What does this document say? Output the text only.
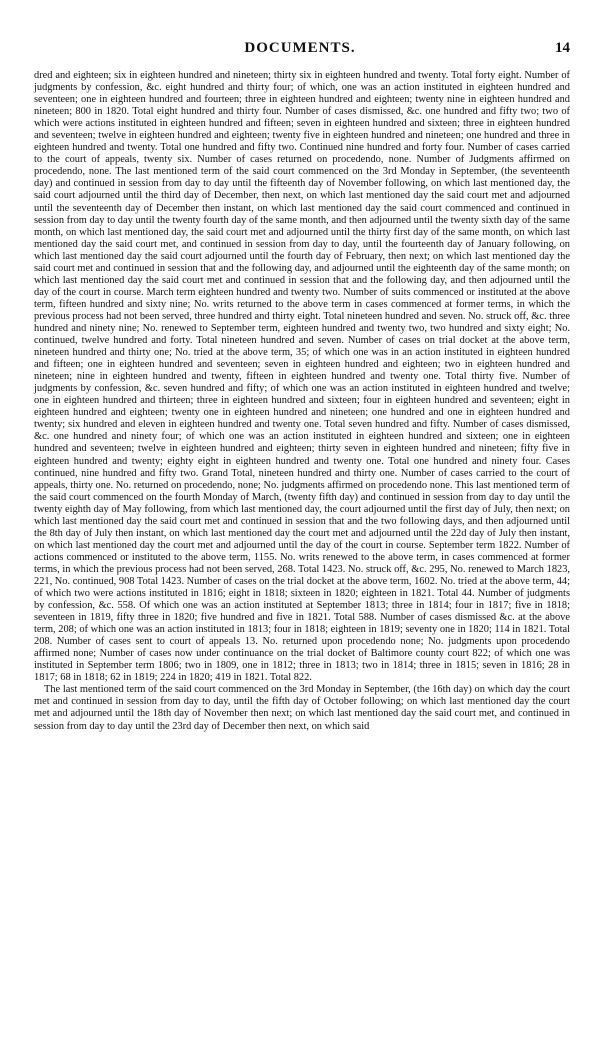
DOCUMENTS.	14

dred and eighteen; six in eighteen hundred and nineteen; thirty six in eighteen hundred and twenty. Total forty eight. Number of judgments by confession, &c. eight hundred and thirty four; of which, one was an action instituted in eighteen hundred and seventeen; one in eighteen hundred and fourteen; three in eighteen hundred and eighteen; twenty nine in eighteen hundred and nineteen; 800 in 1820. Total eight hundred and thirty four. Number of cases dismissed, &c. one hundred and fifty two; two of which were actions instituted in eighteen hundred and fifteen; seven in eighteen hundred and sixteen; three in eighteen hundred and seventeen; twelve in eighteen hundred and eighteen; twenty five in eighteen hundred and nineteen; one hundred and three in eighteen hundred and twenty. Total one hundred and fifty two. Continued nine hundred and forty four. Number of cases carried to the court of appeals, twenty six. Number of cases returned on procedendo, none. Number of Judgments affirmed on procedendo, none. The last mentioned term of the said court commenced on the 3rd Monday in September, (the seventeenth day) and continued in session from day to day until the fifteenth day of November following, on which last mentioned day, the said court adjourned until the third day of December, then next, on which last mentioned day the said court met and adjourned until the seventeenth day of December then instant, on which last mentioned day the said court commenced and continued in session from day to day until the twenty fourth day of the same month, and then adjourned until the twenty sixth day of the same month, on which last mentioned day, the said court met and adjourned until the thirty first day of the same month, on which last mentioned day the said court met, and continued in session from day to day, until the fourteenth day of January following, on which last mentioned day the said court adjourned until the fourth day of February, then next; on which last mentioned day the said court met and continued in session that and the following day, and adjourned until the eighteenth day of the same month; on which last mentioned day the said court met and continued in session that and the following day, and then adjourned until the day of the court in course. March term eighteen hundred and twenty two. Number of suits commenced or instituted at the above term, fifteen hundred and sixty nine; No. writs returned to the above term in cases commenced at former terms, in which the previous process had not been served, three hundred and thirty eight. Total nineteen hundred and seven. No. struck off, &c. three hundred and ninety nine; No. renewed to September term, eighteen hundred and twenty two, two hundred and sixty eight; No. continued, twelve hundred and forty. Total nineteen hundred and seven. Number of cases on trial docket at the above term, nineteen hundred and thirty one; No. tried at the above term, 35; of which one was in an action instituted in eighteen hundred and fifteen; one in eighteen hundred and seventeen; seven in eighteen hundred and eighteen; two in eighteen hundred and nineteen; nine in eighteen hundred and twenty, fifteen in eighteen hundred and twenty one. Total thirty five. Number of judgments by confession, &c. seven hundred and fifty; of which one was an action instituted in eighteen hundred and twelve; one in eighteen hundred and thirteen; three in eighteen hundred and sixteen; four in eighteen hundred and seventeen; eight in eighteen hundred and eighteen; twenty one in eighteen hundred and nineteen; one hundred and one in eighteen hundred and twenty; six hundred and eleven in eighteen hundred and twenty one. Total seven hundred and fifty. Number of cases dismissed, &c. one hundred and ninety four; of which one was an action instituted in eighteen hundred and sixteen; one in eighteen hundred and seventeen; twelve in eighteen hundred and eighteen; thirty seven in eighteen hundred and nineteen; fifty five in eighteen hundred and twenty; eighty eight in eighteen hundred and twenty one. Total one hundred and ninety four. Cases continued, nine hundred and fifty two. Grand Total, nineteen hundred and thirty one. Number of cases carried to the court of appeals, thirty one. No. returned on procedendo, none; No. judgments affirmed on procedendo none. This last mentioned term of the said court commenced on the fourth Monday of March, (twenty fifth day) and continued in session from day to day until the twenty eighth day of May following, from which last mentioned day, the court adjourned until the first day of July, then next; on which last mentioned day the said court met and continued in session that and the two following days, and then adjourned until the 8th day of July then instant, on which last mentioned day the court met and adjourned until the 22d day of July then instant, on which last mentioned day the court met and adjourned until the day of the court in course. September term 1822. Number of actions commenced or instituted to the above term, 1155. No. writs renewed to the above term, in cases commenced at former terms, in which the previous process had not been served, 268. Total 1423. No. struck off, &c. 295, No. renewed to March 1823, 221, No. continued, 908 Total 1423. Number of cases on the trial docket at the above term, 1602. No. tried at the above term, 44; of which two were actions instituted in 1816; eight in 1818; sixteen in 1820; eighteen in 1821. Total 44. Number of judgments by confession, &c. 558. Of which one was an action instituted at September 1813; three in 1814; four in 1817; five in 1818; seventeen in 1819, fifty three in 1820; five hundred and five in 1821. Total 588. Number of cases dismissed &c. at the above term, 208; of which one was an action instituted in 1813; four in 1818; eighteen in 1819; seventy one in 1820; 114 in 1821. Total 208. Number of cases sent to court of appeals 13. No. returned upon procedendo none; No. judgments upon procedendo affirmed none; Number of cases now under continuance on the trial docket of Baltimore county court 822; of which one was instituted in September term 1806; two in 1809, one in 1812; three in 1813; two in 1814; three in 1815; seven in 1816; 28 in 1817; 68 in 1818; 62 in 1819; 224 in 1820; 419 in 1821. Total 822.

The last mentioned term of the said court commenced on the 3rd Monday in September, (the 16th day) on which day the court met and continued in session from day to day, until the fifth day of October following; on which last mentioned day the court met and adjourned until the 18th day of November then next; on which last mentioned day the said court met, and continued in session from day to day until the 23rd day of December then next, on which said
